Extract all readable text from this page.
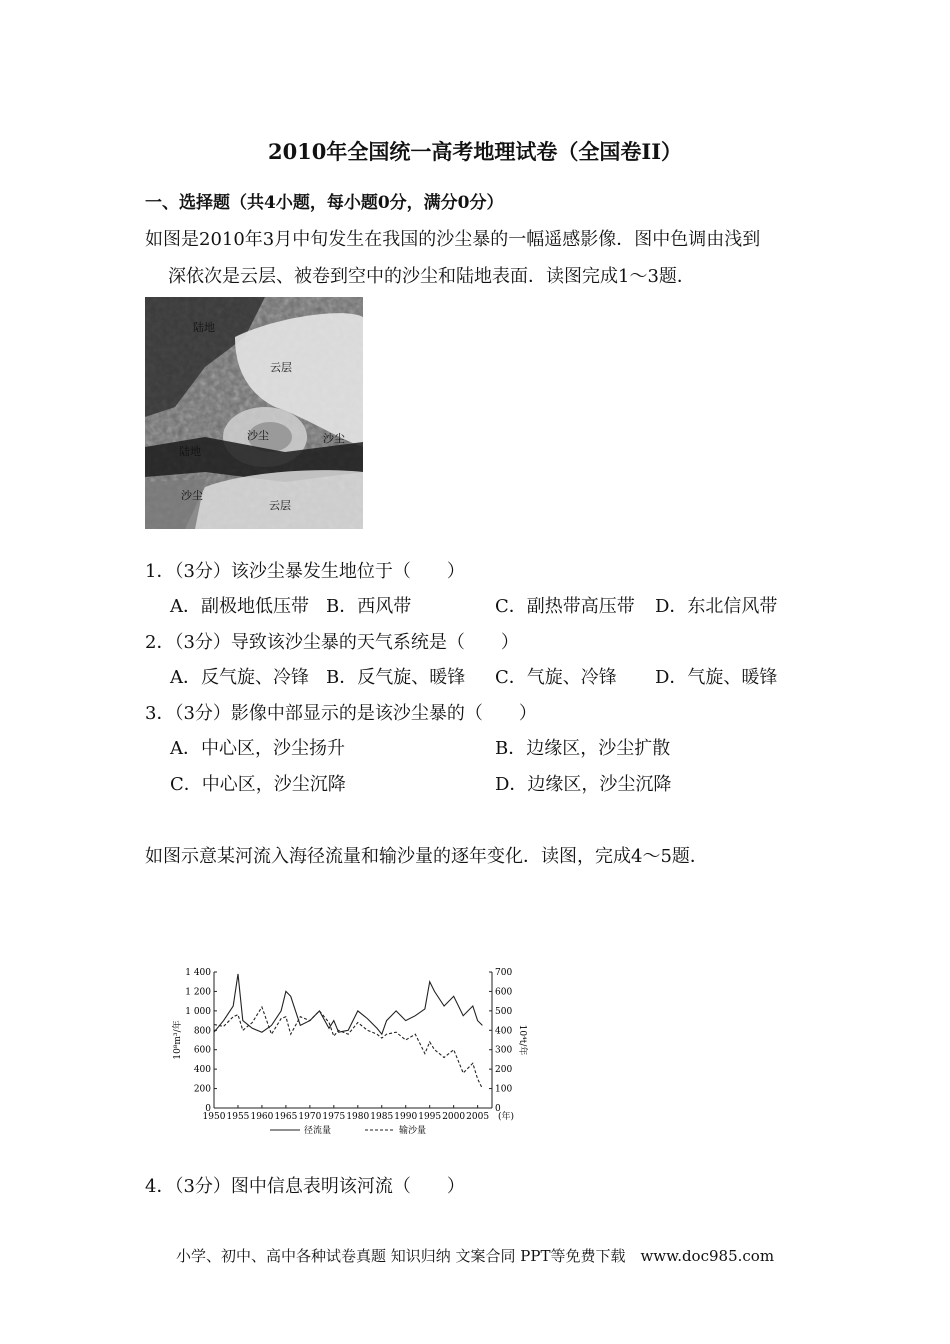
2010年全国统一高考地理试卷（全国卷II）
一、选择题（共4小题，每小题0分，满分0分）
如图是2010年3月中旬发生在我国的沙尘暴的一幅遥感影像．图中色调由浅到
深依次是云层、被卷到空中的沙尘和陆地表面．读图完成1～3题．
陆地
云层
沙尘	沙尘
陆地
沙尘
云层
1．（3分）该沙尘暴发生地位于（　　）
A．副极地低压带 B．西风带	C．副热带高压带 D．东北信风带
2．（3分）导致该沙尘暴的天气系统是（　　）
A．反气旋、冷锋 B．反气旋、暖锋 C．气旋、冷锋 D．气旋、暖锋
3．（3分）影像中部显示的是该沙尘暴的（　　）
A．中心区，沙尘扬升	B．边缘区，沙尘扩散
C．中心区，沙尘沉降	D．边缘区，沙尘沉降
如图示意某河流入海径流量和输沙量的逐年变化．读图，完成4～5题．
0
200
400
600
800
1 000
1 200
1 400
0
100
200
300
400
500
600
700
1950 1955 1960 1965 1970 1975 1980 1985 1990 1995 2000 2005 (年)
10⁸m³/年	10⁴t/年
径流量	输沙量
4．（3分）图中信息表明该河流（　　）
小学、初中、高中各种试卷真题 知识归纳 文案合同 PPT等免费下载　www.doc985.com
